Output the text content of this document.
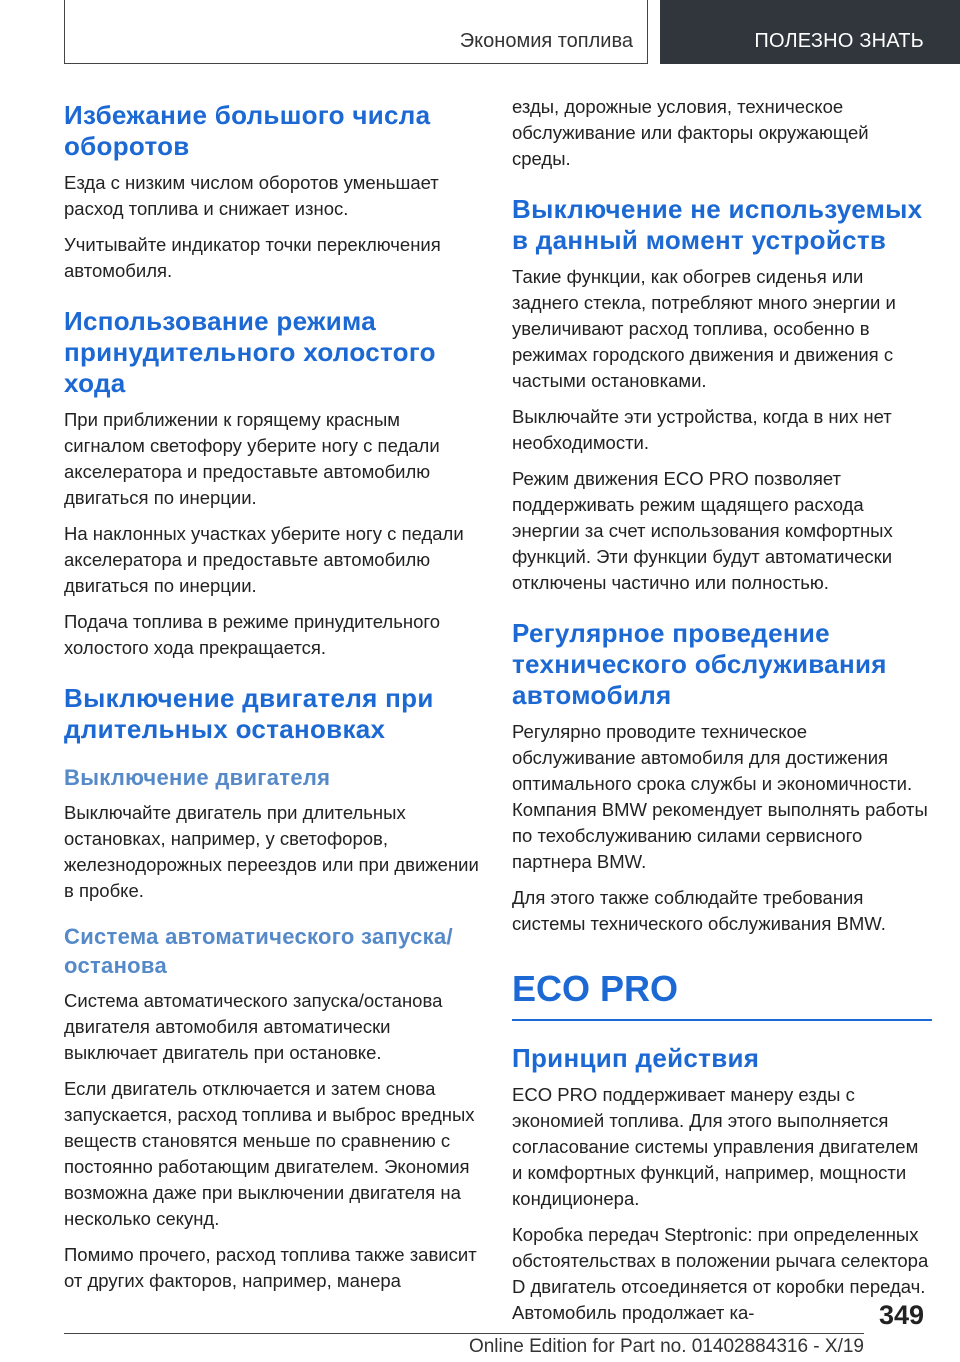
Экономия топлива	ПОЛЕЗНО ЗНАТЬ
Избежание большого числа оборотов

Езда с низким числом оборотов уменьшает расход топлива и снижает износ.

Учитывайте индикатор точки переключения автомобиля.

Использование режима принудительного холостого хода

При приближении к горящему красным сигналом светофору уберите ногу с педали акселератора и предоставьте автомобилю двигаться по инерции.

На наклонных участках уберите ногу с педали акселератора и предоставьте автомобилю двигаться по инерции.

Подача топлива в режиме принудительного холостого хода прекращается.

Выключение двигателя при длительных остановках
Выключение двигателя

Выключайте двигатель при длительных остановках, например, у светофоров, железнодорожных переездов или при движении в пробке.

Система автоматического запуска/останова

Система автоматического запуска/останова двигателя автомобиля автоматически выключает двигатель при остановке.

Если двигатель отключается и затем снова запускается, расход топлива и выброс вредных веществ становятся меньше по сравнению с постоянно работающим двигателем. Экономия возможна даже при выключении двигателя на несколько секунд.

Помимо прочего, расход топлива также зависит от других факторов, например, манера

езды, дорожные условия, техническое обслуживание или факторы окружающей среды.

Выключение не используемых в данный момент устройств

Такие функции, как обогрев сиденья или заднего стекла, потребляют много энергии и увеличивают расход топлива, особенно в режимах городского движения и движения с частыми остановками.

Выключайте эти устройства, когда в них нет необходимости.

Режим движения ECO PRO позволяет поддерживать режим щадящего расхода энергии за счет использования комфортных функций. Эти функции будут автоматически отключены частично или полностью.

Регулярное проведение технического обслуживания автомобиля

Регулярно проводите техническое обслуживание автомобиля для достижения оптимального срока службы и экономичности. Компания BMW рекомендует выполнять работы по техобслуживанию силами сервисного партнера BMW.

Для этого также соблюдайте требования системы технического обслуживания BMW.

ECO PRO
Принцип действия

ECO PRO поддерживает манеру езды с экономией топлива. Для этого выполняется согласование системы управления двигателем и комфортных функций, например, мощности кондиционера.

Коробка передач Steptronic: при определенных обстоятельствах в положении рычага селектора D двигатель отсоединяется от коробки передач. Автомобиль продолжает ка-	349
Online Edition for Part no. 01402884316 - X/19
